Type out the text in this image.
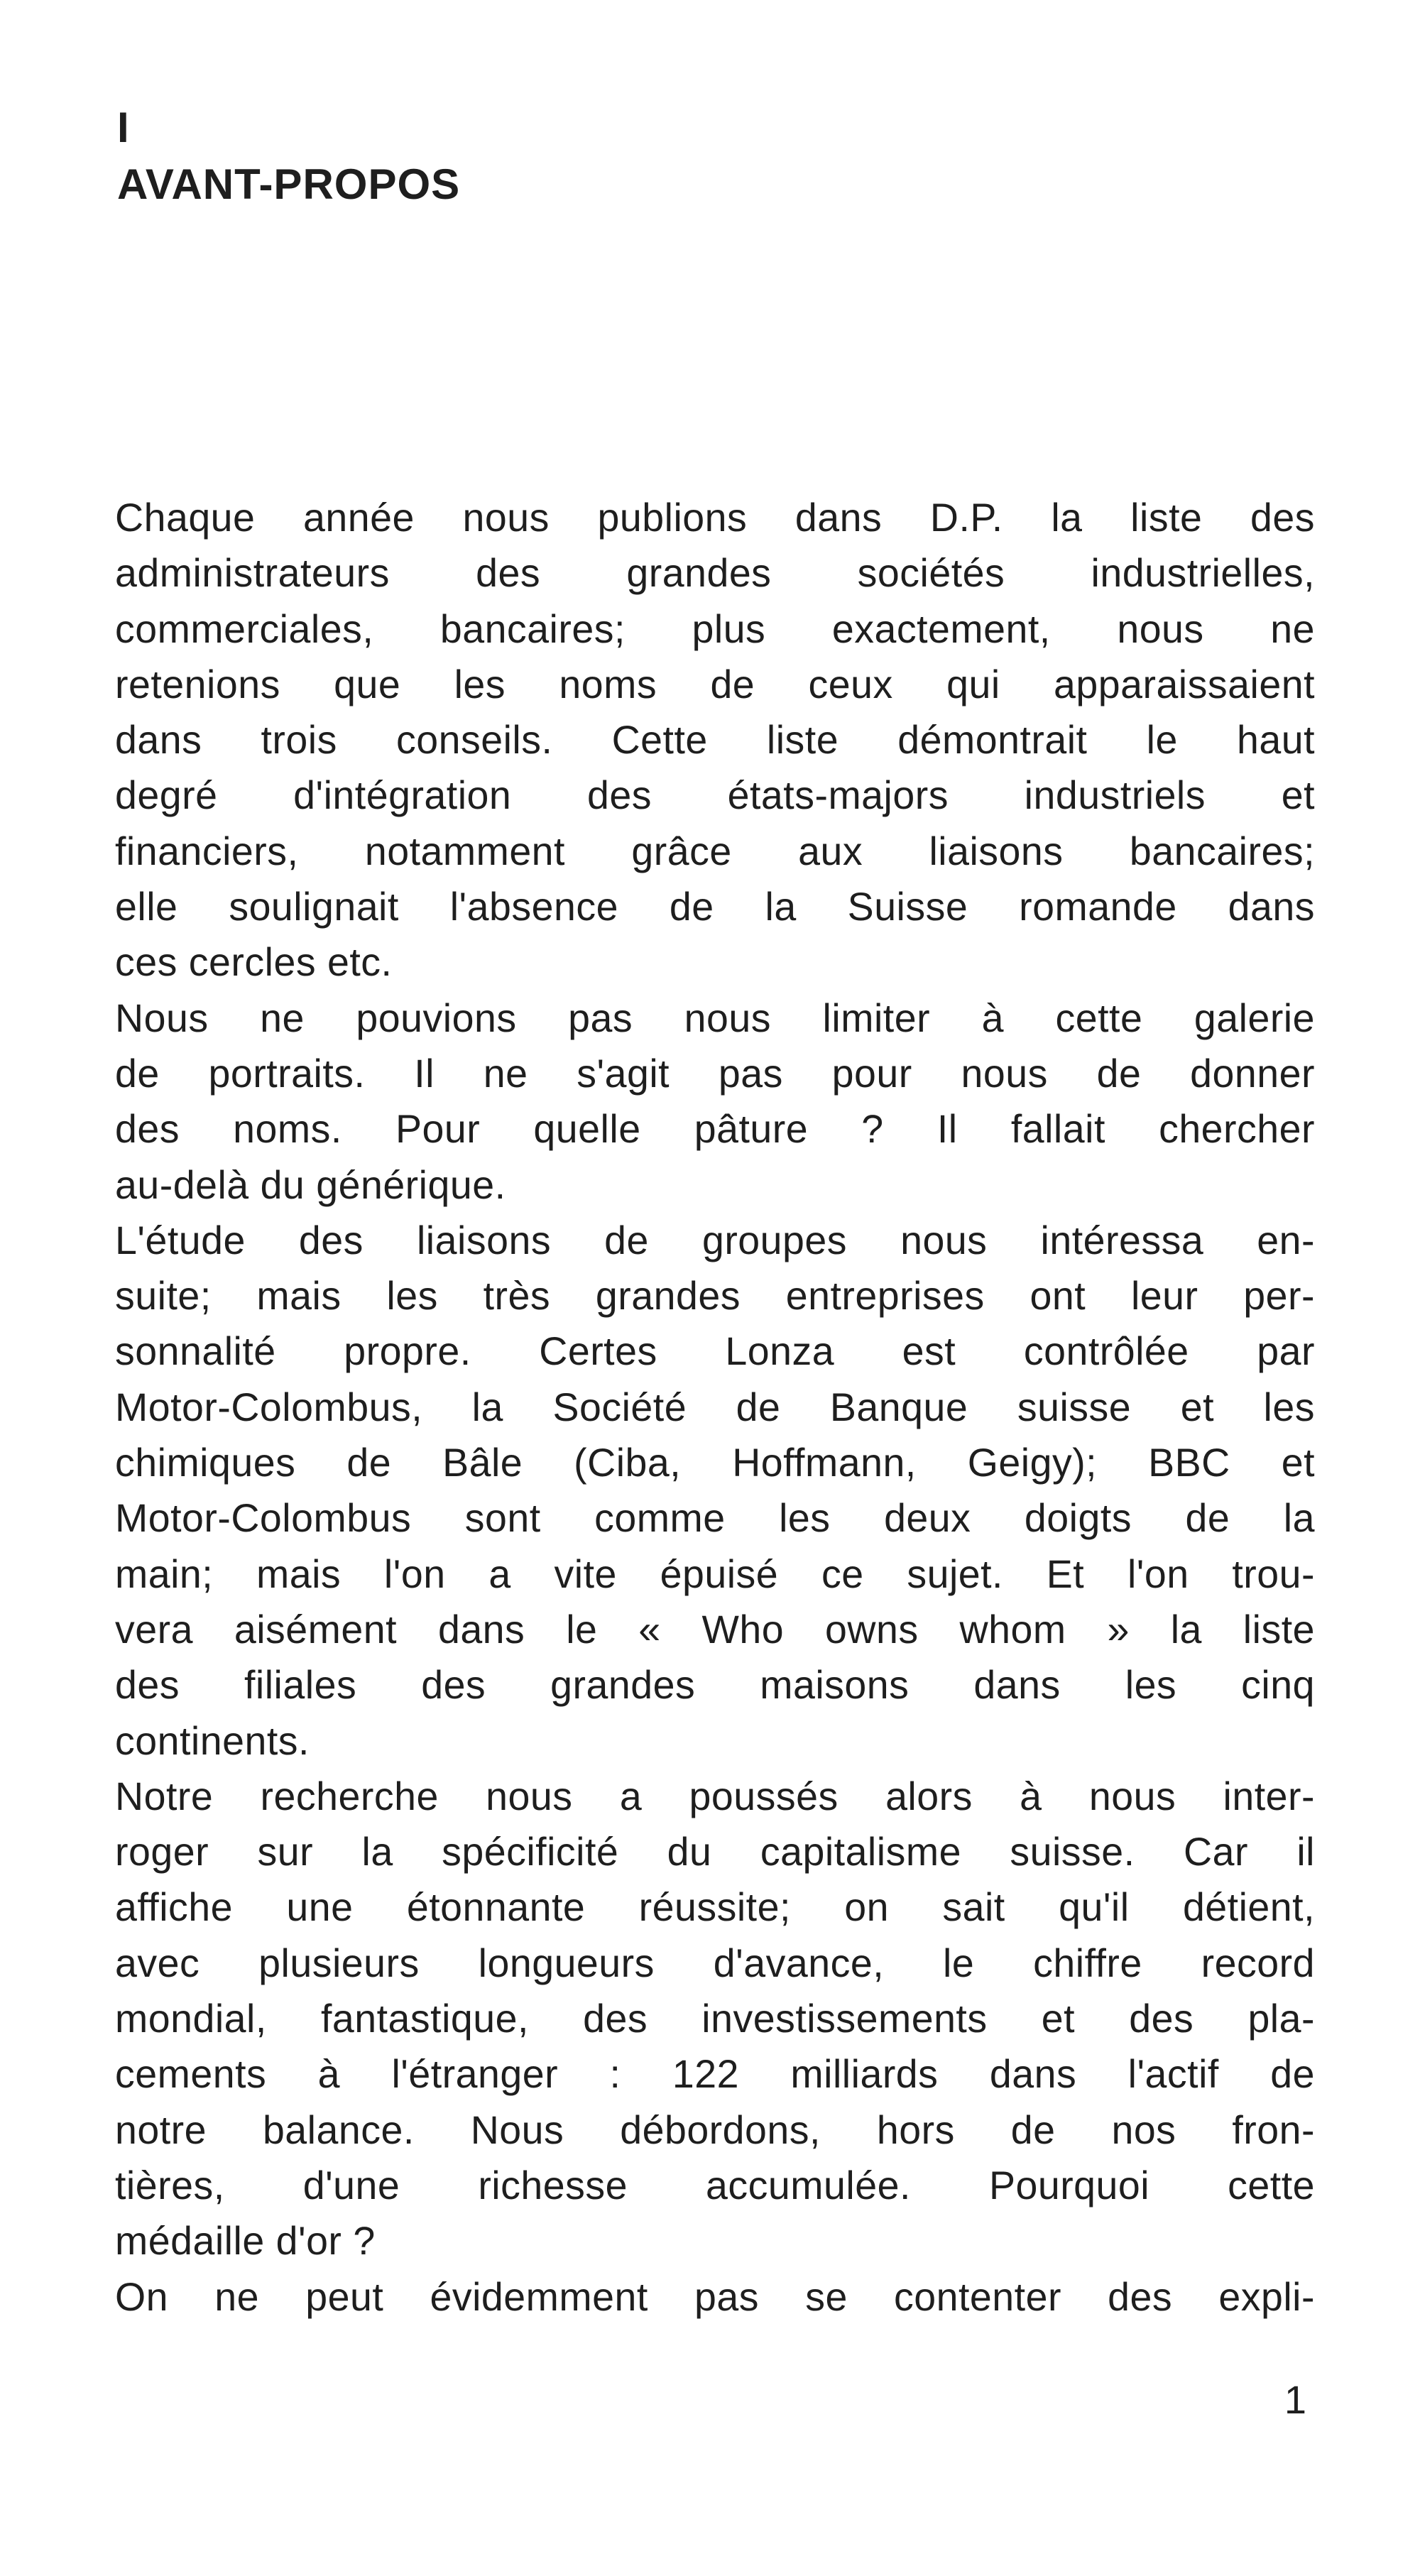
I
AVANT-PROPOS
Chaque année nous publions dans D.P. la liste des
administrateurs des grandes sociétés industrielles,
commerciales, bancaires; plus exactement, nous ne
retenions que les noms de ceux qui apparaissaient
dans trois conseils. Cette liste démontrait le haut
degré d'intégration des états-majors industriels et
financiers, notamment grâce aux liaisons bancaires;
elle soulignait l'absence de la Suisse romande dans
ces cercles etc.
Nous ne pouvions pas nous limiter à cette galerie
de portraits. Il ne s'agit pas pour nous de donner
des noms. Pour quelle pâture ? Il fallait chercher
au-delà du générique.
L'étude des liaisons de groupes nous intéressa en-
suite; mais les très grandes entreprises ont leur per-
sonnalité propre. Certes Lonza est contrôlée par
Motor-Colombus, la Société de Banque suisse et les
chimiques de Bâle (Ciba, Hoffmann, Geigy); BBC et
Motor-Colombus sont comme les deux doigts de la
main; mais l'on a vite épuisé ce sujet. Et l'on trou-
vera aisément dans le « Who owns whom » la liste
des filiales des grandes maisons dans les cinq
continents.
Notre recherche nous a poussés alors à nous inter-
roger sur la spécificité du capitalisme suisse. Car il
affiche une étonnante réussite; on sait qu'il détient,
avec plusieurs longueurs d'avance, le chiffre record
mondial, fantastique, des investissements et des pla-
cements à l'étranger : 122 milliards dans l'actif de
notre balance. Nous débordons, hors de nos fron-
tières, d'une richesse accumulée. Pourquoi cette
médaille d'or ?
On ne peut évidemment pas se contenter des expli-
1
